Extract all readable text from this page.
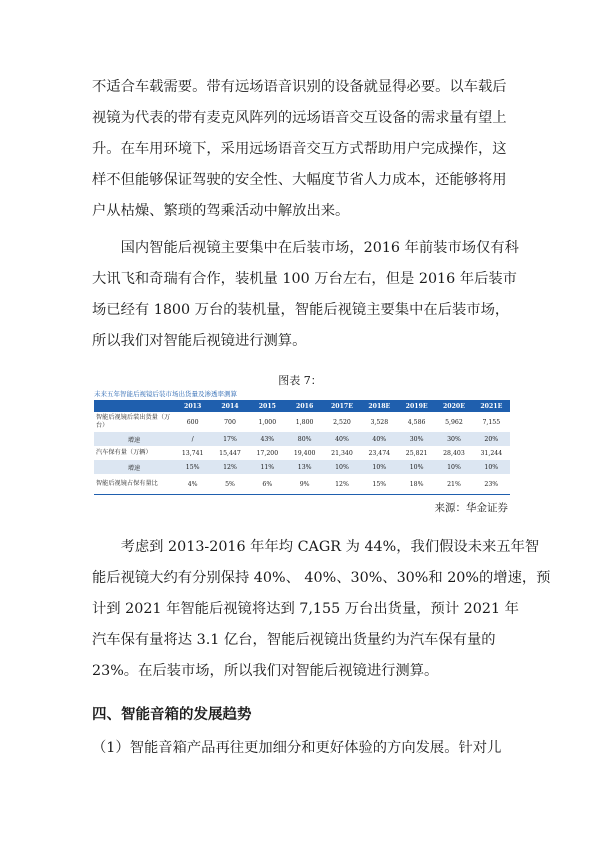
不适合车载需要。带有远场语音识别的设备就显得必要。以车载后
视镜为代表的带有麦克风阵列的远场语音交互设备的需求量有望上
升。在车用环境下，采用远场语音交互方式帮助用户完成操作，这
样不但能够保证驾驶的安全性、大幅度节省人力成本，还能够将用
户从枯燥、繁琐的驾乘活动中解放出来。
　　国内智能后视镜主要集中在后装市场，2016 年前装市场仅有科
大讯飞和奇瑞有合作，装机量 100 万台左右，但是 2016 年后装市
场已经有 1800 万台的装机量，智能后视镜主要集中在后装市场，
所以我们对智能后视镜进行测算。
图表 7：
未来五年智能后视镜后装市场出货量及渗透率测算
	2013	2014	2015	2016	2017E	2018E	2019E	2020E	2021E
智能后视镜后装出货量（万台）	600	700	1,000	1,800	2,520	3,528	4,586	5,962	7,155
增速	/	17%	43%	80%	40%	40%	30%	30%	20%
汽车保有量（万辆）	13,741	15,447	17,200	19,400	21,340	23,474	25,821	28,403	31,244
增速	15%	12%	11%	13%	10%	10%	10%	10%	10%
智能后视镜占保有量比	4%	5%	6%	9%	12%	15%	18%	21%	23%
来源：华金证券
　　考虑到 2013-2016 年年均 CAGR 为 44%，我们假设未来五年智
能后视镜大约有分别保持 40%、 40%、30%、30%和 20%的增速，预
计到 2021 年智能后视镜将达到 7,155 万台出货量，预计 2021 年
汽车保有量将达 3.1 亿台，智能后视镜出货量约为汽车保有量的
23%。在后装市场，所以我们对智能后视镜进行测算。
四、智能音箱的发展趋势
（1）智能音箱产品再往更加细分和更好体验的方向发展。针对儿
